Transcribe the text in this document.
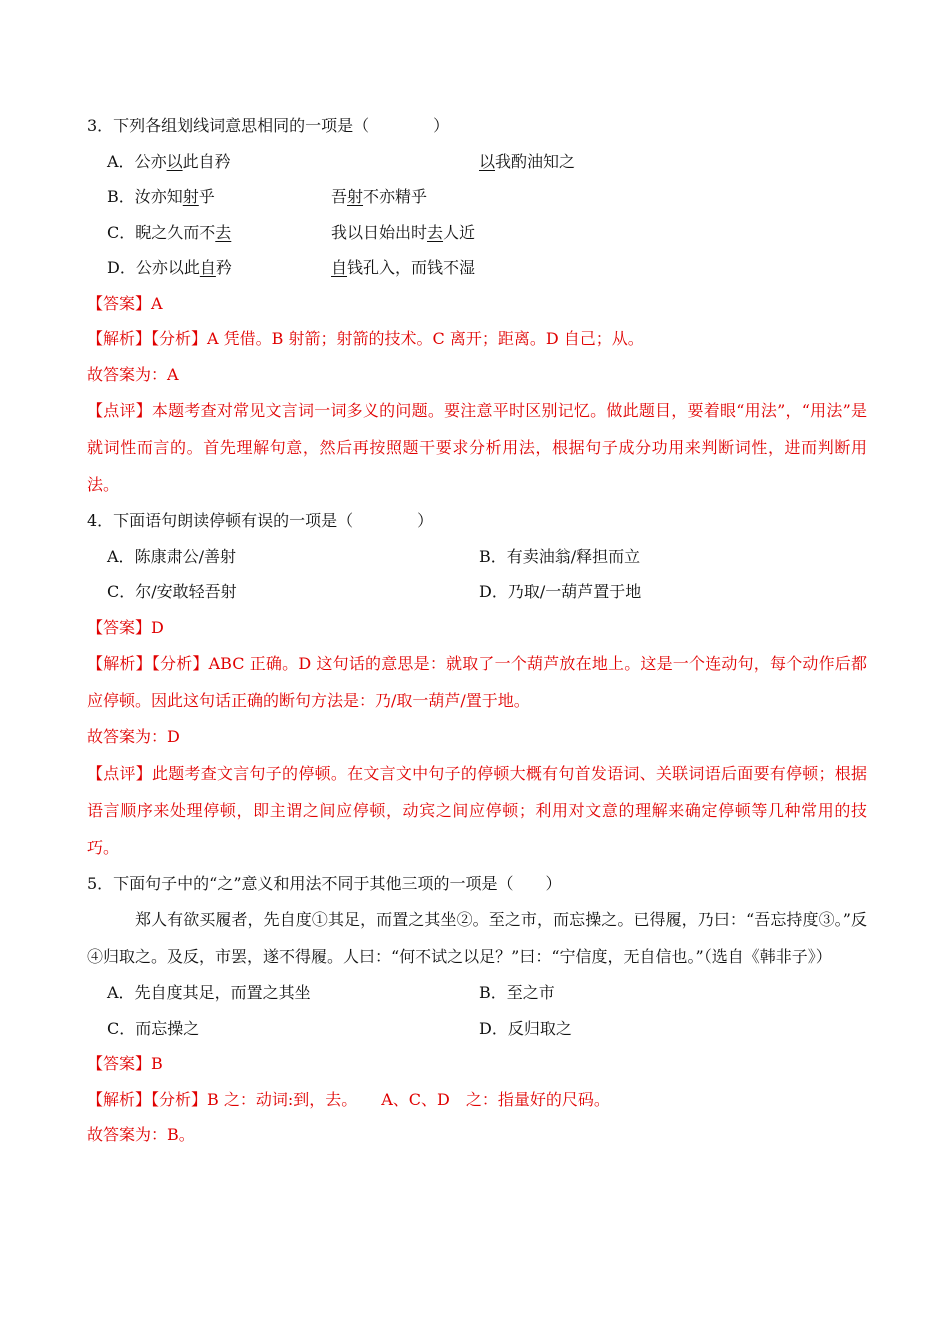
3．下列各组划线词意思相同的一项是（　　　　）
A．公亦以此自矜	以我酌油知之
B．汝亦知射乎	吾射不亦精乎
C．睨之久而不去	我以日始出时去人近
D．公亦以此自矜	自钱孔入，而钱不湿
【答案】A
【解析】【分析】A 凭借。B 射箭；射箭的技术。C 离开；距离。D 自己；从。
故答案为：A
【点评】本题考查对常见文言词一词多义的问题。要注意平时区别记忆。做此题目，要着眼“用法”，“用法”是就词性而言的。首先理解句意，然后再按照题干要求分析用法，根据句子成分功用来判断词性，进而判断用法。
4．下面语句朗读停顿有误的一项是（　　　　）
A．陈康肃公/善射	B．有卖油翁/释担而立
C．尔/安敢轻吾射	D．乃取/一葫芦置于地
【答案】D
【解析】【分析】ABC 正确。D 这句话的意思是：就取了一个葫芦放在地上。这是一个连动句，每个动作后都应停顿。因此这句话正确的断句方法是：乃/取一葫芦/置于地。
故答案为：D
【点评】此题考查文言句子的停顿。在文言文中句子的停顿大概有句首发语词、关联词语后面要有停顿；根据语言顺序来处理停顿，即主谓之间应停顿，动宾之间应停顿；利用对文意的理解来确定停顿等几种常用的技巧。
5．下面句子中的“之”意义和用法不同于其他三项的一项是（　　）
郑人有欲买履者，先自度①其足，而置之其坐②。至之市，而忘操之。已得履，乃曰：“吾忘持度③。”反④归取之。及反，市罢，遂不得履。人曰：“何不试之以足？”曰：“宁信度，无自信也。”（选自《韩非子》）
A．先自度其足，而置之其坐	B．至之市
C．而忘操之	D．反归取之
【答案】B
【解析】【分析】B 之：动词:到，去。　　A、C、D　之：指量好的尺码。
故答案为：B。
